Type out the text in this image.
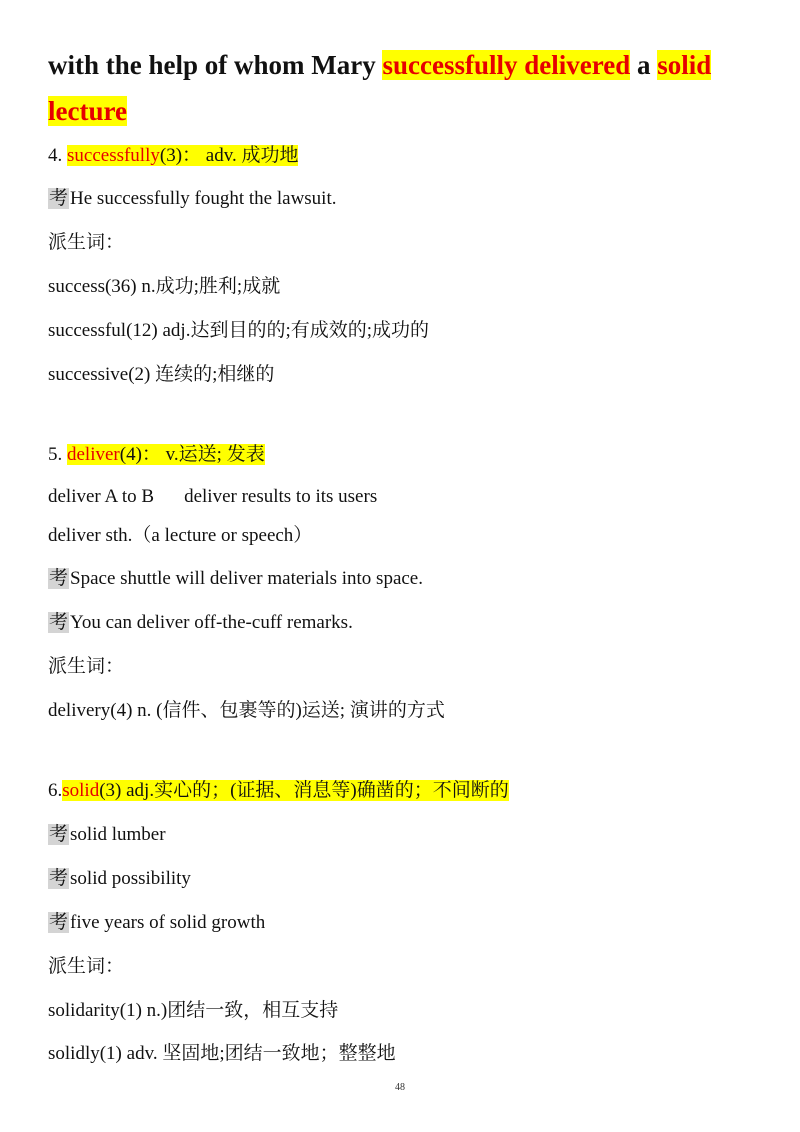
with the help of whom Mary successfully delivered a solid
lecture
4. successfully(3)： adv. 成功地
考 He successfully fought the lawsuit.
派生词：
success(36) n.成功;胜利;成就
successful(12) adj.达到目的的;有成效的;成功的
successive(2) 连续的;相继的
5. deliver(4)： v.运送; 发表
deliver A to B deliver results to its users
deliver sth.（a lecture or speech）
考 Space shuttle will deliver materials into space.
考 You can deliver off-the-cuff remarks.
派生词：
delivery(4) n. (信件、包裹等的)运送; 演讲的方式
6.solid(3) adj.实心的；(证据、消息等)确凿的；不间断的
考 solid lumber
考 solid possibility
考 five years of solid growth
派生词：
solidarity(1) n.)团结一致，相互支持
solidly(1) adv. 坚固地;团结一致地；整整地
48
